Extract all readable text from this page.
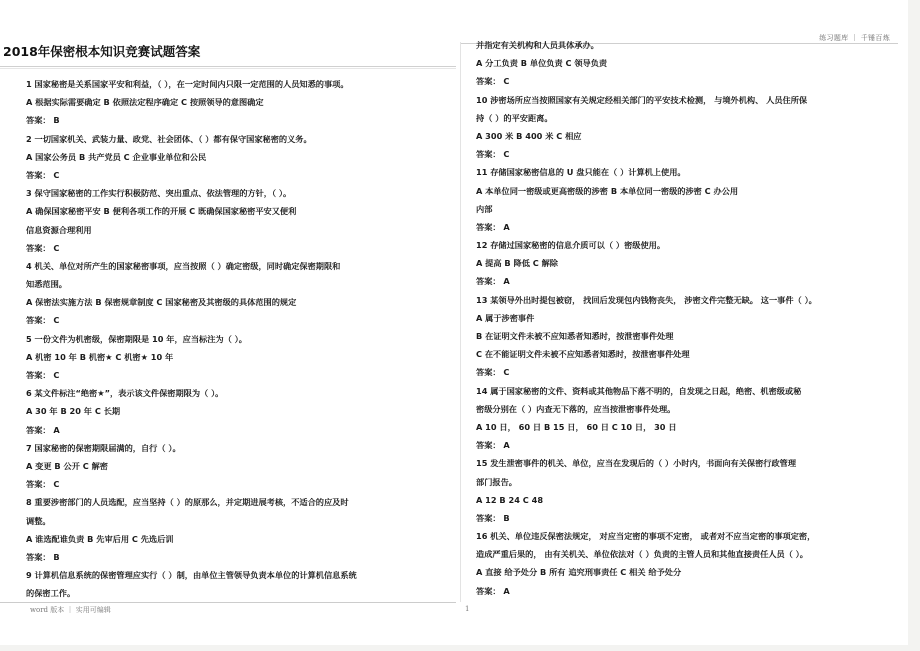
练习题库 ｜ 千锤百炼
2018年保密根本知识竞赛试题答案
1 国家秘密是关系国家平安和利益，（ ），在一定时间内只限一定范围的人员知悉的事项。
A 根据实际需要确定 B 依照法定程序确定 C 按照领导的意图确定
答案： B
2 一切国家机关、武装力量、政党、社会团体、（ ）都有保守国家秘密的义务。
A 国家公务员 B 共产党员 C 企业事业单位和公民
答案： C
3 保守国家秘密的工作实行积极防范、突出重点、依法管理的方针，（ ）。
A 确保国家秘密平安 B 便利各项工作的开展 C 既确保国家秘密平安又便利
信息资源合理利用
答案： C
4 机关、单位对所产生的国家秘密事项，应当按照（ ）确定密级，同时确定保密期限和
知悉范围。
A 保密法实施方法 B 保密规章制度 C 国家秘密及其密级的具体范围的规定
答案： C
5 一份文件为机密级，保密期限是 10 年，应当标注为（ ）。
A 机密 10 年 B 机密★ C 机密★ 10 年
答案： C
6 某文件标注“绝密★”，表示该文件保密期限为（ ）。
A 30 年 B 20 年 C 长期
答案： A
7 国家秘密的保密期限届满的，自行（ ）。
A 变更 B 公开 C 解密
答案： C
8 重要涉密部门的人员选配，应当坚持（ ）的原那么，并定期进展考核，不适合的应及时
调整。
A 谁选配谁负责 B 先审后用 C 先选后训
答案： B
9 计算机信息系统的保密管理应实行（ ）制，由单位主管领导负责本单位的计算机信息系统
的保密工作。
并指定有关机构和人员具体承办。
A 分工负责 B 单位负责 C 领导负责
答案： C
10 涉密场所应当按照国家有关规定经相关部门的平安技术检测， 与境外机构、 人员住所保
持（ ）的平安距离。
A 300 米 B 400 米 C 相应
答案： C
11 存储国家秘密信息的 U 盘只能在（ ）计算机上使用。
A 本单位同一密级或更高密级的涉密 B 本单位同一密级的涉密 C 办公用
内部
答案： A
12 存储过国家秘密的信息介质可以（ ）密级使用。
A 提高 B 降低 C 解除
答案： A
13 某领导外出时提包被窃， 找回后发现包内钱物丧失， 涉密文件完整无缺。 这一事件（ ）。
A 属于涉密事件
B 在证明文件未被不应知悉者知悉时，按泄密事件处理
C 在不能证明文件未被不应知悉者知悉时，按泄密事件处理
答案： C
14 属于国家秘密的文件、资料或其他物品下落不明的，自发现之日起，绝密、机密级或秘
密级分别在（ ）内查无下落的，应当按泄密事件处理。
A 10 日， 60 日 B 15 日， 60 日 C 10 日， 30 日
答案： A
15 发生泄密事件的机关、单位，应当在发现后的（ ）小时内，书面向有关保密行政管理
部门报告。
A 12 B 24 C 48
答案： B
16 机关、单位违反保密法规定， 对应当定密的事项不定密， 或者对不应当定密的事项定密，
造成严重后果的， 由有关机关、单位依法对（ ）负责的主管人员和其他直接责任人员（ ）。
A 直接 给予处分 B 所有 追究刑事责任 C 相关 给予处分
答案： A
word 版本 ｜ 实用可编辑	1
